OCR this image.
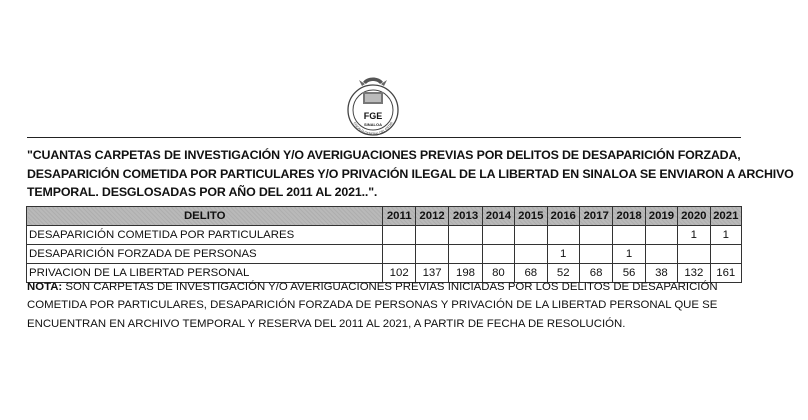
FGE
SINALOA
FISCALÍA GENERAL DEL ESTAD
"CUANTAS CARPETAS DE INVESTIGACIÓN Y/O AVERIGUACIONES PREVIAS POR DELITOS DE DESAPARICIÓN FORZADA,
DESAPARICIÓN COMETIDA POR PARTICULARES Y/O PRIVACIÓN ILEGAL DE LA LIBERTAD EN SINALOA SE ENVIARON A ARCHIVO
TEMPORAL. DESGLOSADAS POR AÑO DEL 2011 AL 2021..".
DELITO	2011	2012	2013	2014	2015	2016	2017	2018	2019	2020	2021
DESAPARICIÓN COMETIDA POR PARTICULARES										1	1
DESAPARICIÓN FORZADA DE PERSONAS						1		1			
PRIVACION DE LA LIBERTAD PERSONAL	102	137	198	80	68	52	68	56	38	132	161
NOTA: SON CARPETAS DE INVESTIGACIÓN Y/O AVERIGUACIONES PREVIAS INICIADAS POR LOS DELITOS DE DESAPARICIÓN
COMETIDA POR PARTICULARES, DESAPARICIÓN FORZADA DE PERSONAS Y PRIVACIÓN DE LA LIBERTAD PERSONAL QUE SE
ENCUENTRAN EN ARCHIVO TEMPORAL Y RESERVA DEL 2011 AL 2021, A PARTIR DE FECHA DE RESOLUCIÓN.
